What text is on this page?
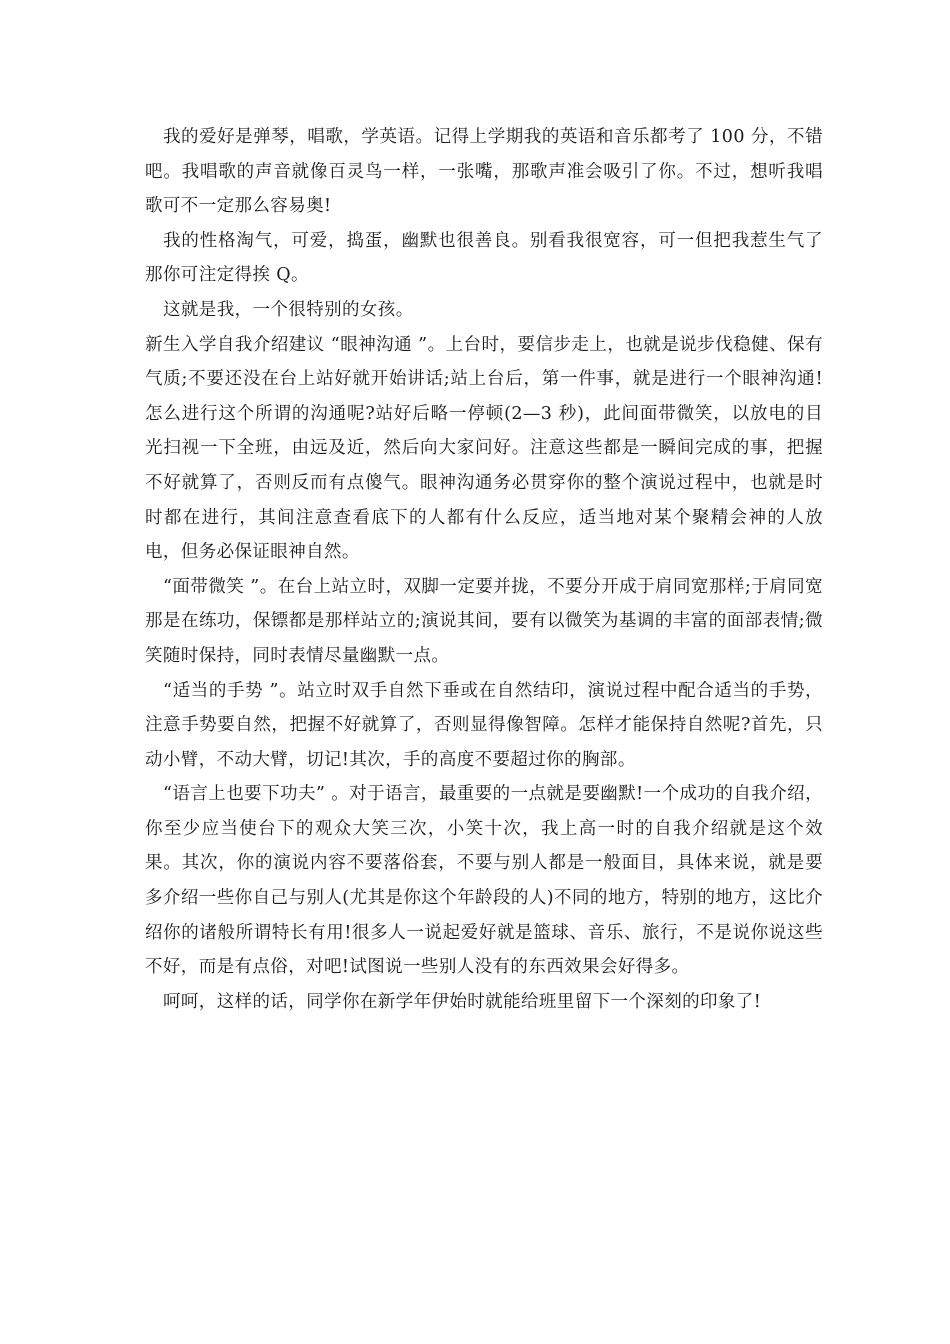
我的爱好是弹琴，唱歌，学英语。记得上学期我的英语和音乐都考了 100 分，不错吧。我唱歌的声音就像百灵鸟一样，一张嘴，那歌声准会吸引了你。不过，想听我唱歌可不一定那么容易奥!

我的性格淘气，可爱，捣蛋，幽默也很善良。别看我很宽容，可一但把我惹生气了那你可注定得挨 Q。

这就是我，一个很特别的女孩。

新生入学自我介绍建议 “眼神沟通 ”。上台时，要信步走上，也就是说步伐稳健、保有气质;不要还没在台上站好就开始讲话;站上台后，第一件事，就是进行一个眼神沟通!怎么进行这个所谓的沟通呢?站好后略一停顿(2—3 秒)，此间面带微笑，以放电的目光扫视一下全班，由远及近，然后向大家问好。注意这些都是一瞬间完成的事，把握不好就算了，否则反而有点傻气。眼神沟通务必贯穿你的整个演说过程中，也就是时时都在进行，其间注意查看底下的人都有什么反应，适当地对某个聚精会神的人放电，但务必保证眼神自然。

“面带微笑 ”。在台上站立时，双脚一定要并拢，不要分开成于肩同宽那样;于肩同宽那是在练功，保镖都是那样站立的;演说其间，要有以微笑为基调的丰富的面部表情;微笑随时保持，同时表情尽量幽默一点。

“适当的手势 ”。站立时双手自然下垂或在自然结印，演说过程中配合适当的手势，注意手势要自然，把握不好就算了，否则显得像智障。怎样才能保持自然呢?首先，只动小臂，不动大臂，切记!其次，手的高度不要超过你的胸部。

“语言上也要下功夫” 。对于语言，最重要的一点就是要幽默!一个成功的自我介绍，你至少应当使台下的观众大笑三次，小笑十次，我上高一时的自我介绍就是这个效果。其次，你的演说内容不要落俗套，不要与别人都是一般面目，具体来说，就是要多介绍一些你自己与别人(尤其是你这个年龄段的人)不同的地方，特别的地方，这比介绍你的诸般所谓特长有用!很多人一说起爱好就是篮球、音乐、旅行，不是说你说这些不好，而是有点俗，对吧!试图说一些别人没有的东西效果会好得多。

呵呵，这样的话，同学你在新学年伊始时就能给班里留下一个深刻的印象了!
